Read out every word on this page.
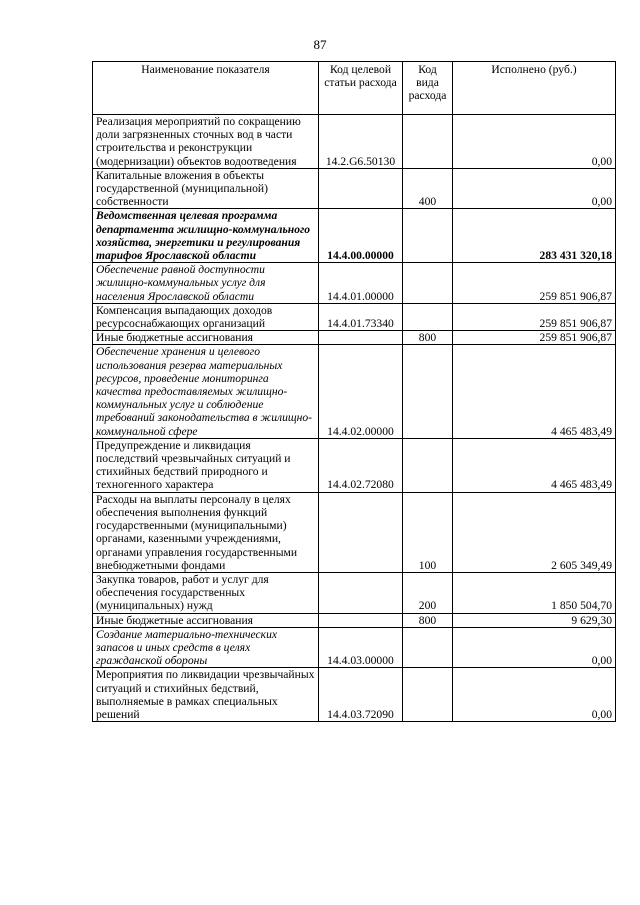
87
Наименование показателя	Код целевой статьи расхода	Код вида расхода	Исполнено (руб.)
Реализация мероприятий по сокращению доли загрязненных сточных вод в части строительства и реконструкции (модернизации) объектов водоотведения	14.2.G6.50130		0,00
Капитальные вложения в объекты государственной (муниципальной) собственности		400	0,00
Ведомственная целевая программа департамента жилищно-коммунального хозяйства, энергетики и регулирования тарифов Ярославской области	14.4.00.00000		283 431 320,18
Обеспечение равной доступности жилищно-коммунальных услуг для населения Ярославской области	14.4.01.00000		259 851 906,87
Компенсация выпадающих доходов ресурсоснабжающих организаций	14.4.01.73340		259 851 906,87
Иные бюджетные ассигнования		800	259 851 906,87
Обеспечение хранения и целевого использования резерва материальных ресурсов, проведение мониторинга качества предоставляемых жилищно-коммунальных услуг и соблюдение требований законодательства в жилищно-коммунальной сфере	14.4.02.00000		4 465 483,49
Предупреждение и ликвидация последствий чрезвычайных ситуаций и стихийных бедствий природного и техногенного характера	14.4.02.72080		4 465 483,49
Расходы на выплаты персоналу в целях обеспечения выполнения функций государственными (муниципальными) органами, казенными учреждениями, органами управления государственными внебюджетными фондами		100	2 605 349,49
Закупка товаров, работ и услуг для обеспечения государственных (муниципальных) нужд		200	1 850 504,70
Иные бюджетные ассигнования		800	9 629,30
Создание материально-технических запасов и иных средств в целях гражданской обороны	14.4.03.00000		0,00
Мероприятия по ликвидации чрезвычайных ситуаций и стихийных бедствий, выполняемые в рамках специальных решений	14.4.03.72090		0,00
